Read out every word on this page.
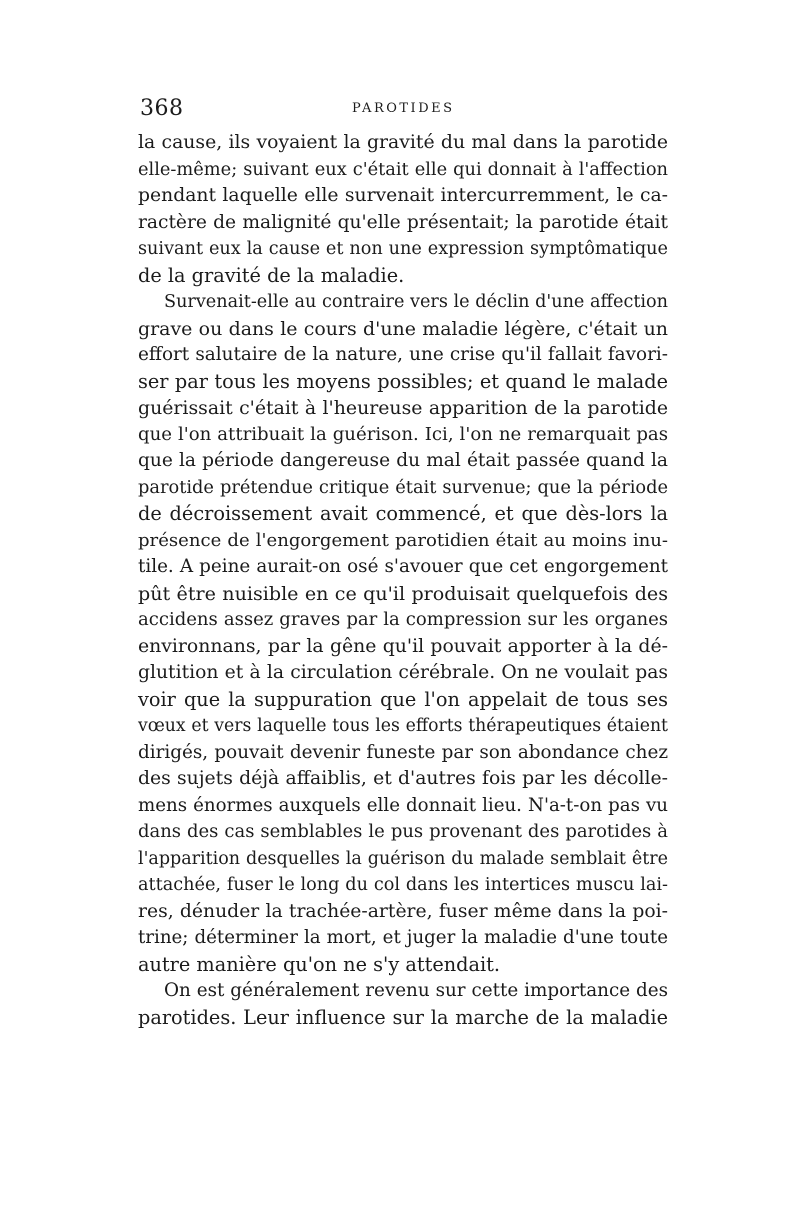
368	PAROTIDES
la cause, ils voyaient la gravité du mal dans la parotide
elle-même; suivant eux c'était elle qui donnait à l'affection
pendant laquelle elle survenait intercurremment, le ca-
ractère de malignité qu'elle présentait; la parotide était
suivant eux la cause et non une expression symptômatique
de la gravité de la maladie.
Survenait-elle au contraire vers le déclin d'une affection
grave ou dans le cours d'une maladie légère, c'était un
effort salutaire de la nature, une crise qu'il fallait favori-
ser par tous les moyens possibles; et quand le malade
guérissait c'était à l'heureuse apparition de la parotide
que l'on attribuait la guérison. Ici, l'on ne remarquait pas
que la période dangereuse du mal était passée quand la
parotide prétendue critique était survenue; que la période
de décroissement avait commencé, et que dès-lors la
présence de l'engorgement parotidien était au moins inu-
tile. A peine aurait-on osé s'avouer que cet engorgement
pût être nuisible en ce qu'il produisait quelquefois des
accidens assez graves par la compression sur les organes
environnans, par la gêne qu'il pouvait apporter à la dé-
glutition et à la circulation cérébrale. On ne voulait pas
voir que la suppuration que l'on appelait de tous ses
vœux et vers laquelle tous les efforts thérapeutiques étaient
dirigés, pouvait devenir funeste par son abondance chez
des sujets déjà affaiblis, et d'autres fois par les décolle-
mens énormes auxquels elle donnait lieu. N'a-t-on pas vu
dans des cas semblables le pus provenant des parotides à
l'apparition desquelles la guérison du malade semblait être
attachée, fuser le long du col dans les intertices muscu lai-
res, dénuder la trachée-artère, fuser même dans la poi-
trine; déterminer la mort, et juger la maladie d'une toute
autre manière qu'on ne s'y attendait.
On est généralement revenu sur cette importance des
parotides. Leur influence sur la marche de la maladie
